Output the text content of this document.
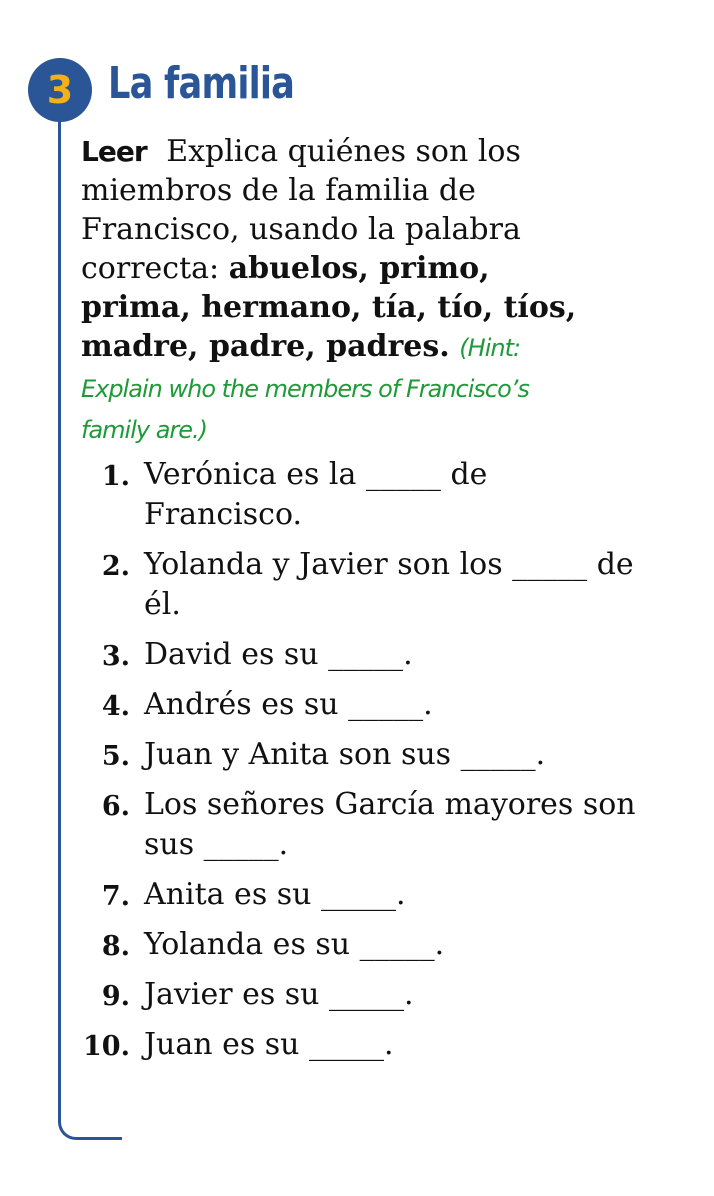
3 La familia
Leer Explica quiénes son los miembros de la familia de Francisco, usando la palabra correcta: abuelos, primo, prima, hermano, tía, tío, tíos, madre, padre, padres. (Hint: Explain who the members of Francisco’s family are.)
1. Verónica es la _____ de Francisco.
2. Yolanda y Javier son los _____ de él.
3. David es su _____.
4. Andrés es su _____.
5. Juan y Anita son sus _____.
6. Los señores García mayores son sus _____.
7. Anita es su _____.
8. Yolanda es su _____.
9. Javier es su _____.
10. Juan es su _____.
